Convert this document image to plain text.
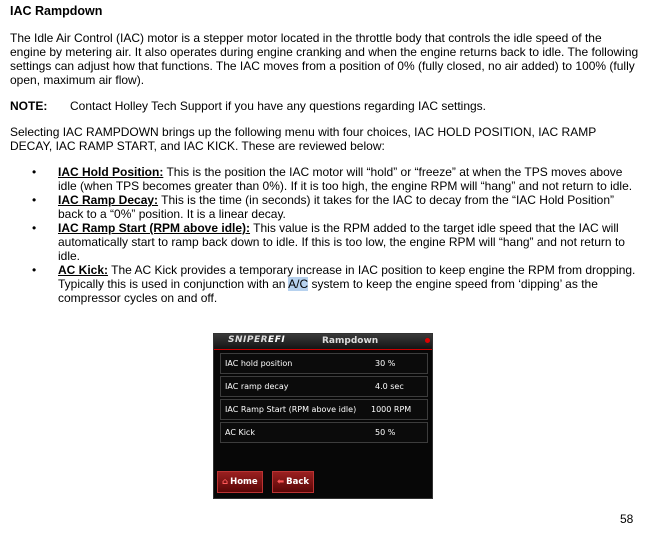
IAC Rampdown

The Idle Air Control (IAC) motor is a stepper motor located in the throttle body that controls the idle speed of the engine by metering air. It also operates during engine cranking and when the engine returns back to idle. The following settings can adjust how that functions. The IAC moves from a position of 0% (fully closed, no air added) to 100% (fully open, maximum air flow).

NOTE: Contact Holley Tech Support if you have any questions regarding IAC settings.

Selecting IAC RAMPDOWN brings up the following menu with four choices, IAC HOLD POSITION, IAC RAMP DECAY, IAC RAMP START, and IAC KICK. These are reviewed below:

• IAC Hold Position: This is the position the IAC motor will “hold” or “freeze” at when the TPS moves above idle (when TPS becomes greater than 0%). If it is too high, the engine RPM will “hang” and not return to idle.
• IAC Ramp Decay: This is the time (in seconds) it takes for the IAC to decay from the “IAC Hold Position” back to a “0%” position. It is a linear decay.
• IAC Ramp Start (RPM above idle): This value is the RPM added to the target idle speed that the IAC will automatically start to ramp back down to idle. If this is too low, the engine RPM will “hang” and not return to idle.
• AC Kick: The AC Kick provides a temporary increase in IAC position to keep engine the RPM from dropping. Typically this is used in conjunction with an A/C system to keep the engine speed from ‘dipping’ as the compressor cycles on and off.
SNIPEREFI	Rampdown
IAC hold position	30 %
IAC ramp decay	4.0 sec
IAC Ramp Start (RPM above idle) 1000 RPM
AC Kick	50 %
⌂ Home	⬅ Back
58
